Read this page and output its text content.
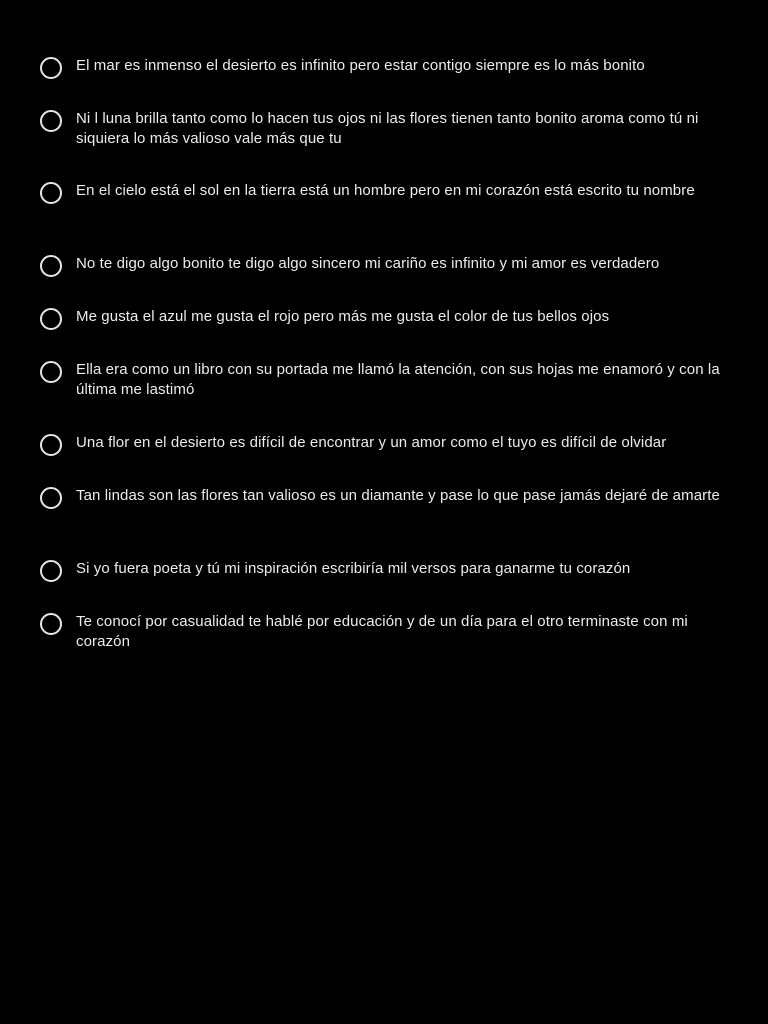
El mar es inmenso el desierto es infinito pero estar contigo siempre es lo más bonito
Ni l luna brilla tanto como lo hacen tus ojos ni las flores tienen tanto bonito aroma como tú ni siquiera lo más valioso vale más que tu
En el cielo está el sol en la tierra está un hombre pero en mi corazón está escrito tu nombre
No te digo algo bonito te digo algo sincero mi cariño es infinito y mi amor es verdadero
Me gusta el azul me gusta el rojo pero más me gusta el color de tus bellos ojos
Ella era como un libro con su portada me llamó la atención, con sus hojas me enamoró y con la última me lastimó
Una flor en el desierto es difícil de encontrar y un amor como el tuyo es difícil de olvidar
Tan lindas son las flores tan valioso es un diamante y pase lo que pase jamás dejaré de amarte
Si yo fuera poeta y tú mi inspiración escribiría mil versos para ganarme tu corazón
Te conocí por casualidad te hablé por educación y de un día para el otro terminaste con mi corazón
